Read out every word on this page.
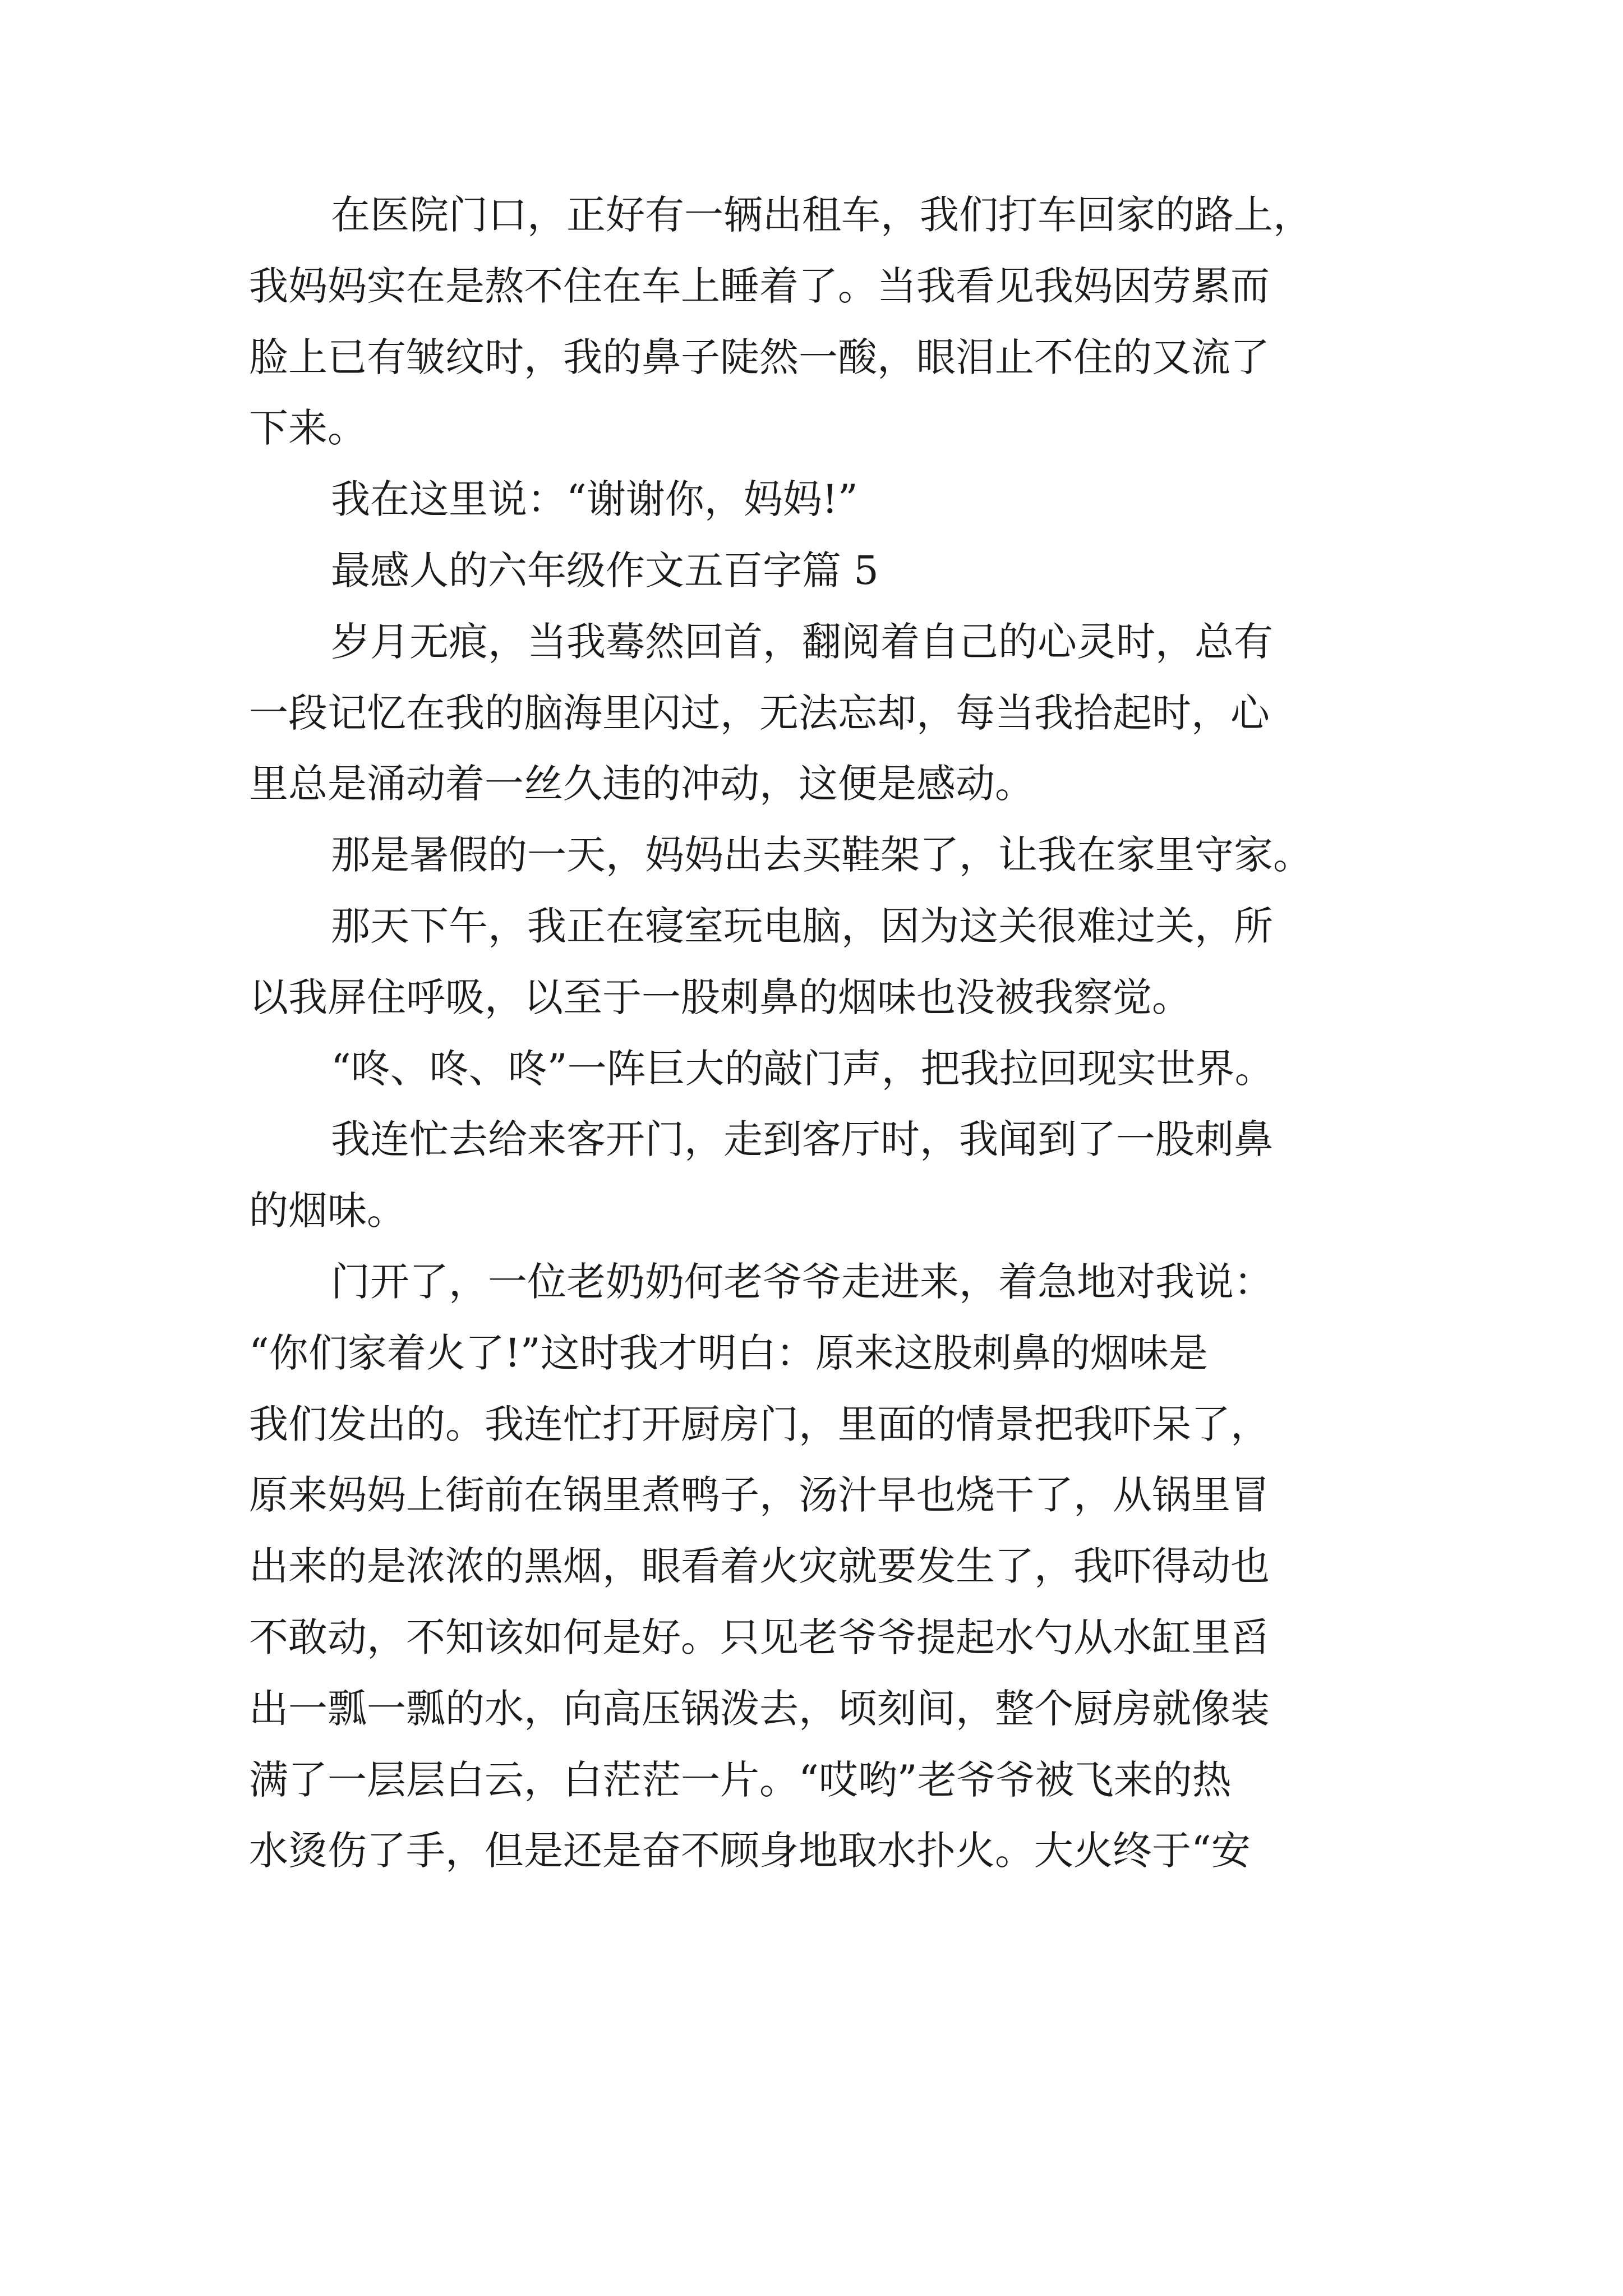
在医院门口，正好有一辆出租车，我们打车回家的路上，
我妈妈实在是熬不住在车上睡着了。当我看见我妈因劳累而
脸上已有皱纹时，我的鼻子陡然一酸，眼泪止不住的又流了
下来。
我在这里说：“谢谢你，妈妈!”
最感人的六年级作文五百字篇 5
岁月无痕，当我蓦然回首，翻阅着自己的心灵时，总有
一段记忆在我的脑海里闪过，无法忘却，每当我拾起时，心
里总是涌动着一丝久违的冲动，这便是感动。
那是暑假的一天，妈妈出去买鞋架了，让我在家里守家。
那天下午，我正在寝室玩电脑，因为这关很难过关，所
以我屏住呼吸，以至于一股刺鼻的烟味也没被我察觉。
“咚、咚、咚”一阵巨大的敲门声，把我拉回现实世界。
我连忙去给来客开门，走到客厅时，我闻到了一股刺鼻
的烟味。
门开了，一位老奶奶何老爷爷走进来，着急地对我说：
“你们家着火了!”这时我才明白：原来这股刺鼻的烟味是
我们发出的。我连忙打开厨房门，里面的情景把我吓呆了，
原来妈妈上街前在锅里煮鸭子，汤汁早也烧干了，从锅里冒
出来的是浓浓的黑烟，眼看着火灾就要发生了，我吓得动也
不敢动，不知该如何是好。只见老爷爷提起水勺从水缸里舀
出一瓢一瓢的水，向高压锅泼去，顷刻间，整个厨房就像装
满了一层层白云，白茫茫一片。“哎哟”老爷爷被飞来的热
水烫伤了手，但是还是奋不顾身地取水扑火。大火终于“安
